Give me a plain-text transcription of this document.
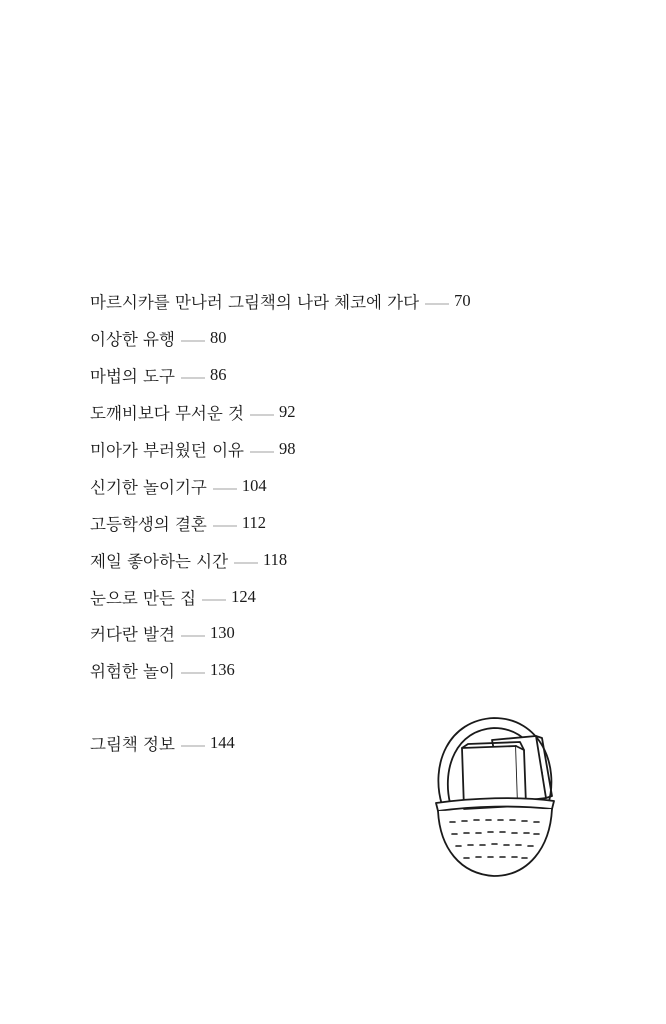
마르시카를 만나러 그림책의 나라 체코에 가다 70
이상한 유행 80
마법의 도구 86
도깨비보다 무서운 것 92
미아가 부러웠던 이유 98
신기한 놀이기구 104
고등학생의 결혼 112
제일 좋아하는 시간 118
눈으로 만든 집 124
커다란 발견 130
위험한 놀이 136
그림책 정보 144
